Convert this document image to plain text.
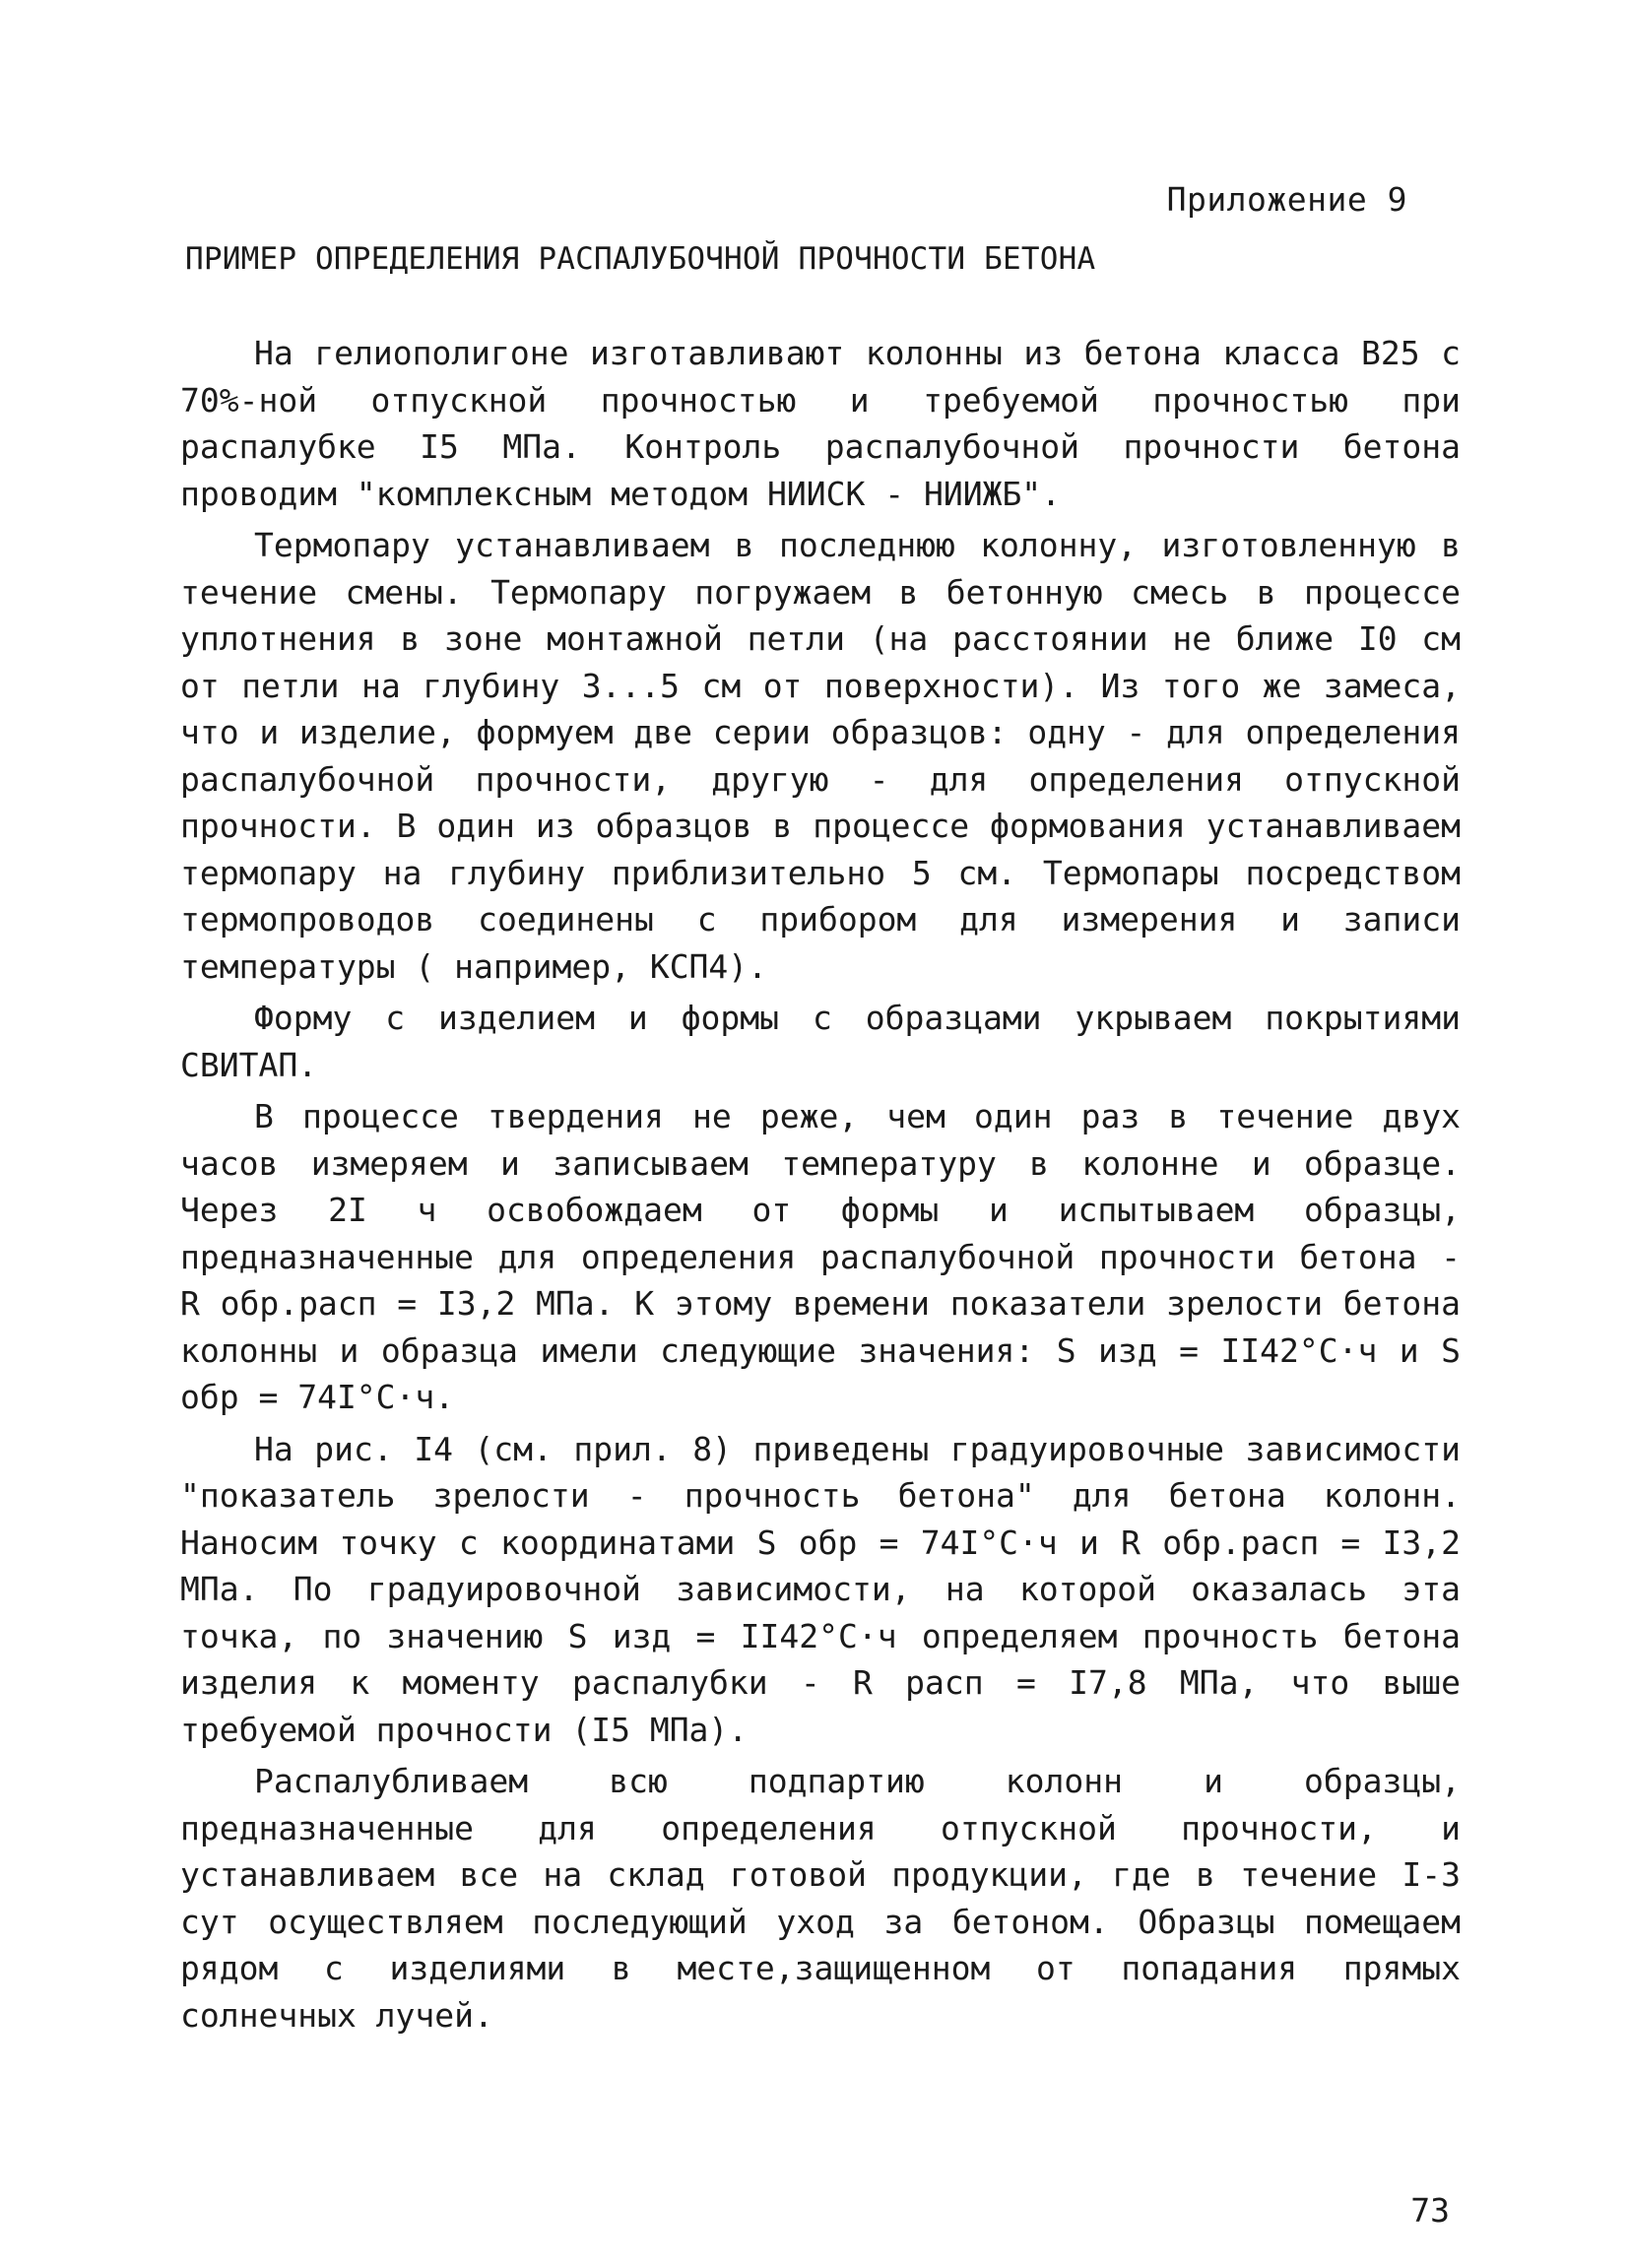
Приложение 9
ПРИМЕР ОПРЕДЕЛЕНИЯ РАСПАЛУБОЧНОЙ ПРОЧНОСТИ БЕТОНА

На гелиополигоне изготавливают колонны из бетона класса В25 с 70%-ной отпускной прочностью и требуемой прочностью при распалубке I5 МПа. Контроль распалубочной прочности бетона проводим "комплексным методом НИИСК - НИИЖБ".

Термопару устанавливаем в последнюю колонну, изготовленную в течение смены. Термопару погружаем в бетонную смесь в процессе уплотнения в зоне монтажной петли (на расстоянии не ближе I0 см от петли на глубину 3...5 см от поверхности). Из того же замеса, что и изделие, формуем две серии образцов: одну - для определения распалубочной прочности, другую - для определения отпускной прочности. В один из образцов в процессе формования устанавливаем термопару на глубину приблизительно 5 см. Термопары посредством термопроводов соединены с прибором для измерения и записи температуры ( например, КСП4).

Форму с изделием и формы с образцами укрываем покрытиями СВИТАП.

В процессе твердения не реже, чем один раз в течение двух часов измеряем и записываем температуру в колонне и образце. Через 2I ч освобождаем от формы и испытываем образцы, предназначенные для определения распалубочной прочности бетона - R обр.расп = I3,2 МПа. К этому времени показатели зрелости бетона колонны и образца имели следующие значения: S изд = II42°С·ч и S обр = 74I°С·ч.

На рис. I4 (см. прил. 8) приведены градуировочные зависимости "показатель зрелости - прочность бетона" для бетона колонн. Наносим точку с координатами S обр = 74I°С·ч и R обр.расп = I3,2 МПа. По градуировочной зависимости, на которой оказалась эта точка, по значению S изд = II42°С·ч определяем прочность бетона изделия к моменту распалубки - R расп = I7,8 МПа, что выше требуемой прочности (I5 МПа).

Распалубливаем всю подпартию колонн и образцы, предназначенные для определения отпускной прочности, и устанавливаем все на склад готовой продукции, где в течение I-3 сут осуществляем последующий уход за бетоном. Образцы помещаем рядом с изделиями в месте,защищенном от попадания прямых солнечных лучей.

73
